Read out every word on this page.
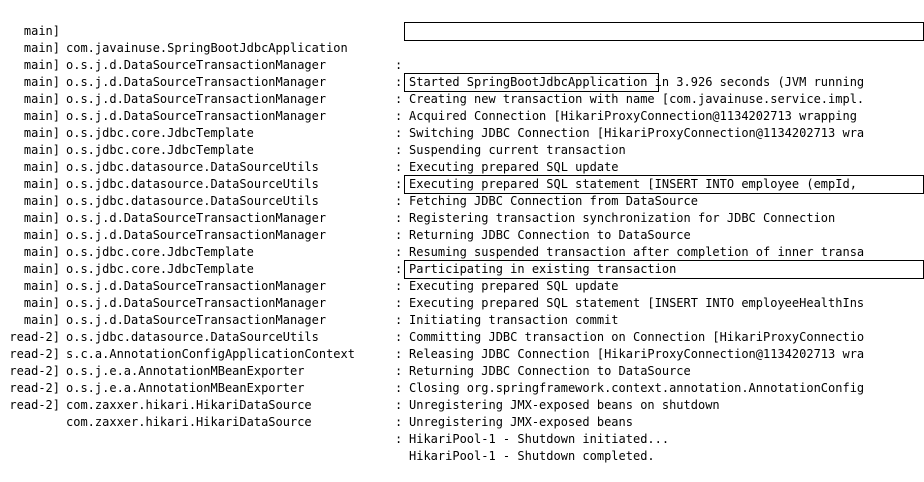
main]

com.javainuse.SpringBootJdbcApplication

:

Started SpringBootJdbcApplication in 3.926 seconds (JVM running

main]

o.s.j.d.DataSourceTransactionManager

:

Creating new transaction with name [com.javainuse.service.impl.

main]

o.s.j.d.DataSourceTransactionManager

:

Acquired Connection [HikariProxyConnection@1134202713 wrapping

main]

o.s.j.d.DataSourceTransactionManager

:

Switching JDBC Connection [HikariProxyConnection@1134202713 wra

main]

o.s.j.d.DataSourceTransactionManager

:

Suspending current transaction

main]

o.s.jdbc.core.JdbcTemplate

:

Executing prepared SQL update

main]

o.s.jdbc.core.JdbcTemplate

:

Executing prepared SQL statement [INSERT INTO employee (empId,

main]

o.s.jdbc.datasource.DataSourceUtils

:

Fetching JDBC Connection from DataSource

main]

o.s.jdbc.datasource.DataSourceUtils

:

Registering transaction synchronization for JDBC Connection

main]

o.s.jdbc.datasource.DataSourceUtils

:

Returning JDBC Connection to DataSource

main]

o.s.j.d.DataSourceTransactionManager

:

Resuming suspended transaction after completion of inner transa

main]

o.s.j.d.DataSourceTransactionManager

:

Participating in existing transaction

main]

o.s.jdbc.core.JdbcTemplate

:

Executing prepared SQL update

main]

o.s.jdbc.core.JdbcTemplate

:

Executing prepared SQL statement [INSERT INTO employeeHealthIns

main]

o.s.j.d.DataSourceTransactionManager

:

Initiating transaction commit

main]

o.s.j.d.DataSourceTransactionManager

:

Committing JDBC transaction on Connection [HikariProxyConnectio

main]

o.s.j.d.DataSourceTransactionManager

:

Releasing JDBC Connection [HikariProxyConnection@1134202713 wra

main]

o.s.jdbc.datasource.DataSourceUtils

:

Returning JDBC Connection to DataSource

read-2]

s.c.a.AnnotationConfigApplicationContext

:

Closing org.springframework.context.annotation.AnnotationConfig

read-2]

o.s.j.e.a.AnnotationMBeanExporter

:

Unregistering JMX-exposed beans on shutdown

read-2]

o.s.j.e.a.AnnotationMBeanExporter

:

Unregistering JMX-exposed beans

read-2]

com.zaxxer.hikari.HikariDataSource

:

HikariPool-1 - Shutdown initiated...

read-2]

com.zaxxer.hikari.HikariDataSource

:

HikariPool-1 - Shutdown completed.
